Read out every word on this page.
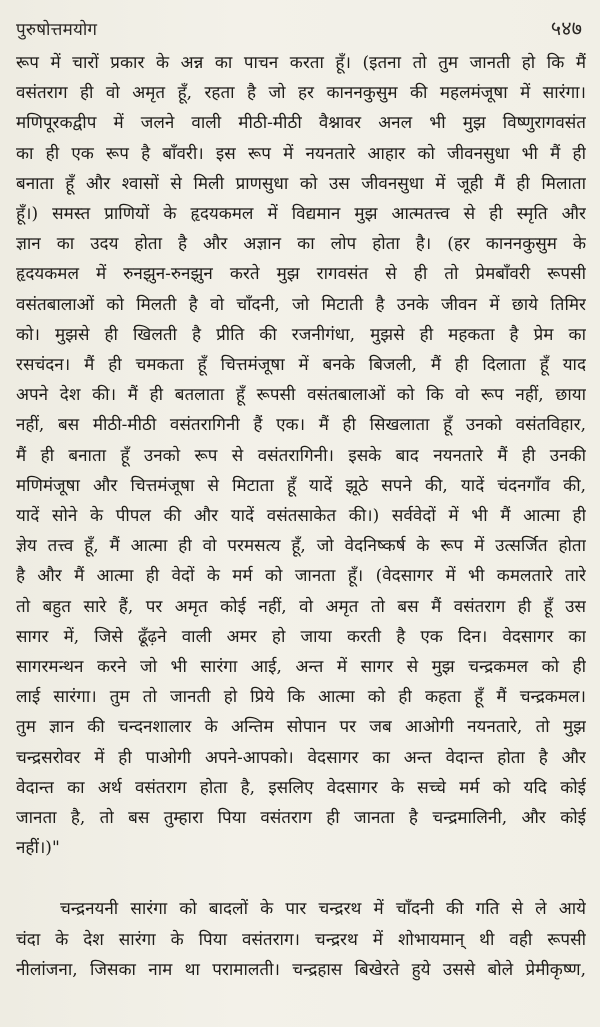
पुरुषोत्तमयोग	५४७
रूप में चारों प्रकार के अन्न का पाचन करता हूँ। (इतना तो तुम जानती हो कि मैं
वसंतराग ही वो अमृत हूँ, रहता है जो हर काननकुसुम की महलमंजूषा में सारंगा।
मणिपूरकद्वीप में जलने वाली मीठी-मीठी वैश्नावर अनल भी मुझ विष्णुरागवसंत
का ही एक रूप है बाँवरी। इस रूप में नयनतारे आहार को जीवनसुधा भी मैं ही
बनाता हूँ और श्वासों से मिली प्राणसुधा को उस जीवनसुधा में जूही मैं ही मिलाता
हूँ।) समस्त प्राणियों के हृदयकमल में विद्यमान मुझ आत्मतत्त्व से ही स्मृति और
ज्ञान का उदय होता है और अज्ञान का लोप होता है। (हर काननकुसुम के
हृदयकमल में रुनझुन-रुनझुन करते मुझ रागवसंत से ही तो प्रेमबाँवरी रूपसी
वसंतबालाओं को मिलती है वो चाँदनी, जो मिटाती है उनके जीवन में छाये तिमिर
को। मुझसे ही खिलती है प्रीति की रजनीगंधा, मुझसे ही महकता है प्रेम का
रसचंदन। मैं ही चमकता हूँ चित्तमंजूषा में बनके बिजली, मैं ही दिलाता हूँ याद
अपने देश की। मैं ही बतलाता हूँ रूपसी वसंतबालाओं को कि वो रूप नहीं, छाया
नहीं, बस मीठी-मीठी वसंतरागिनी हैं एक। मैं ही सिखलाता हूँ उनको वसंतविहार,
मैं ही बनाता हूँ उनको रूप से वसंतरागिनी। इसके बाद नयनतारे मैं ही उनकी
मणिमंजूषा और चित्तमंजूषा से मिटाता हूँ यादें झूठे सपने की, यादें चंदनगाँव की,
यादें सोने के पीपल की और यादें वसंतसाकेत की।) सर्ववेदों में भी मैं आत्मा ही
ज्ञेय तत्त्व हूँ, मैं आत्मा ही वो परमसत्य हूँ, जो वेदनिष्कर्ष के रूप में उत्सर्जित होता
है और मैं आत्मा ही वेदों के मर्म को जानता हूँ। (वेदसागर में भी कमलतारे तारे
तो बहुत सारे हैं, पर अमृत कोई नहीं, वो अमृत तो बस मैं वसंतराग ही हूँ उस
सागर में, जिसे ढूँढ़ने वाली अमर हो जाया करती है एक दिन। वेदसागर का
सागरमन्थन करने जो भी सारंगा आई, अन्त में सागर से मुझ चन्द्रकमल को ही
लाई सारंगा। तुम तो जानती हो प्रिये कि आत्मा को ही कहता हूँ मैं चन्द्रकमल।
तुम ज्ञान की चन्दनशालार के अन्तिम सोपान पर जब आओगी नयनतारे, तो मुझ
चन्द्रसरोवर में ही पाओगी अपने-आपको। वेदसागर का अन्त वेदान्त होता है और
वेदान्त का अर्थ वसंतराग होता है, इसलिए वेदसागर के सच्चे मर्म को यदि कोई
जानता है, तो बस तुम्हारा पिया वसंतराग ही जानता है चन्द्रमालिनी, और कोई
नहीं।)"
चन्द्रनयनी सारंगा को बादलों के पार चन्द्ररथ में चाँदनी की गति से ले आये
चंदा के देश सारंगा के पिया वसंतराग। चन्द्ररथ में शोभायमान् थी वही रूपसी
नीलांजना, जिसका नाम था परामालती। चन्द्रहास बिखेरते हुये उससे बोले प्रेमीकृष्ण,
